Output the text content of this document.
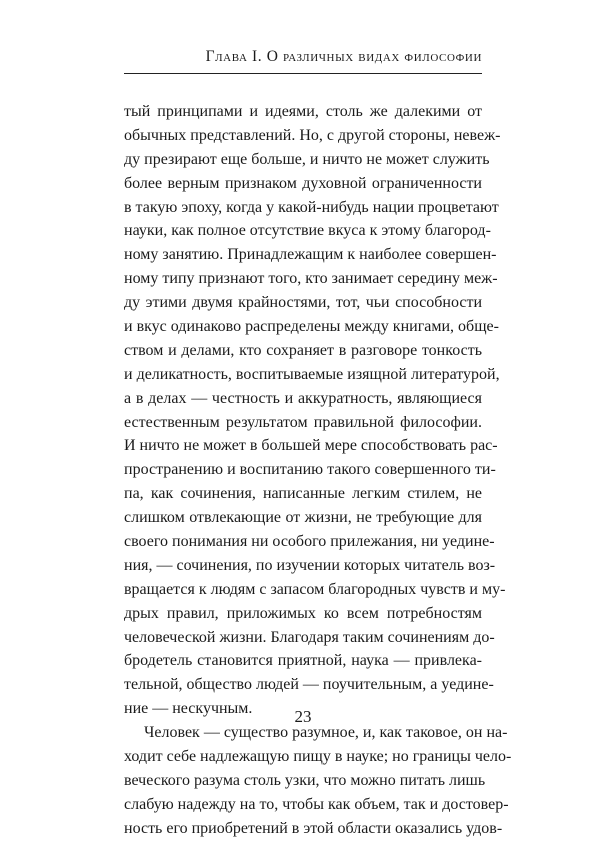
Глава I. О различных видах философии
тый принципами и идеями, столь же далекими от
обычных представлений. Но, с другой стороны, невеж-
ду презирают еще больше, и ничто не может служить
более верным признаком духовной ограниченности
в такую эпоху, когда у какой-нибудь нации процветают
науки, как полное отсутствие вкуса к этому благород-
ному занятию. Принадлежащим к наиболее совершен-
ному типу признают того, кто занимает середину меж-
ду этими двумя крайностями, тот, чьи способности
и вкус одинаково распределены между книгами, обще-
ством и делами, кто сохраняет в разговоре тонкость
и деликатность, воспитываемые изящной литературой,
а в делах — честность и аккуратность, являющиеся
естественным результатом правильной философии.
И ничто не может в большей мере способствовать рас-
пространению и воспитанию такого совершенного ти-
па, как сочинения, написанные легким стилем, не
слишком отвлекающие от жизни, не требующие для
своего понимания ни особого прилежания, ни уедине-
ния, — сочинения, по изучении которых читатель воз-
вращается к людям с запасом благородных чувств и му-
дрых правил, приложимых ко всем потребностям
человеческой жизни. Благодаря таким сочинениям до-
бродетель становится приятной, наука — привлека-
тельной, общество людей — поучительным, а уедине-
ние — нескучным.
Человек — существо разумное, и, как таковое, он на-
ходит себе надлежащую пищу в науке; но границы чело-
веческого разума столь узки, что можно питать лишь
слабую надежду на то, чтобы как объем, так и достовер-
ность его приобретений в этой области оказались удов-
23
